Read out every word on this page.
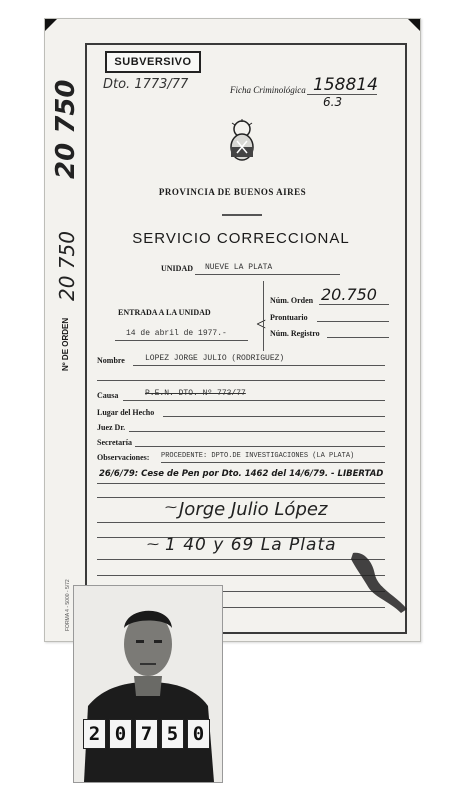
20 750
Nº DE ORDEN
20 750
FORMA 4 - 5000 - 5/72
SUBVERSIVO
Dto. 1773/77	Ficha Criminológica 158814
6.3
PROVINCIA DE BUENOS AIRES
SERVICIO CORRECCIONAL
UNIDAD NUEVE LA PLATA
ENTRADA A LA UNIDAD
14 de abril de 1977.- <
Núm. Orden 20.750
Prontuario
Núm. Registro
Nombre	LOPEZ JORGE JULIO (RODRIGUEZ)
Causa	P.E.N. DTO. Nº 773/77
Lugar del Hecho
Juez Dr.
Secretaría
Observaciones: PROCEDENTE: DPTO.DE INVESTIGACIONES (LA PLATA)
26/6/79: Cese de Pen por Dto. 1462 del 14/6/79. - LIBERTAD
⁓ Jorge Julio López
⁓ 1 40 y 69 La Plata
2 0 7 5 0
